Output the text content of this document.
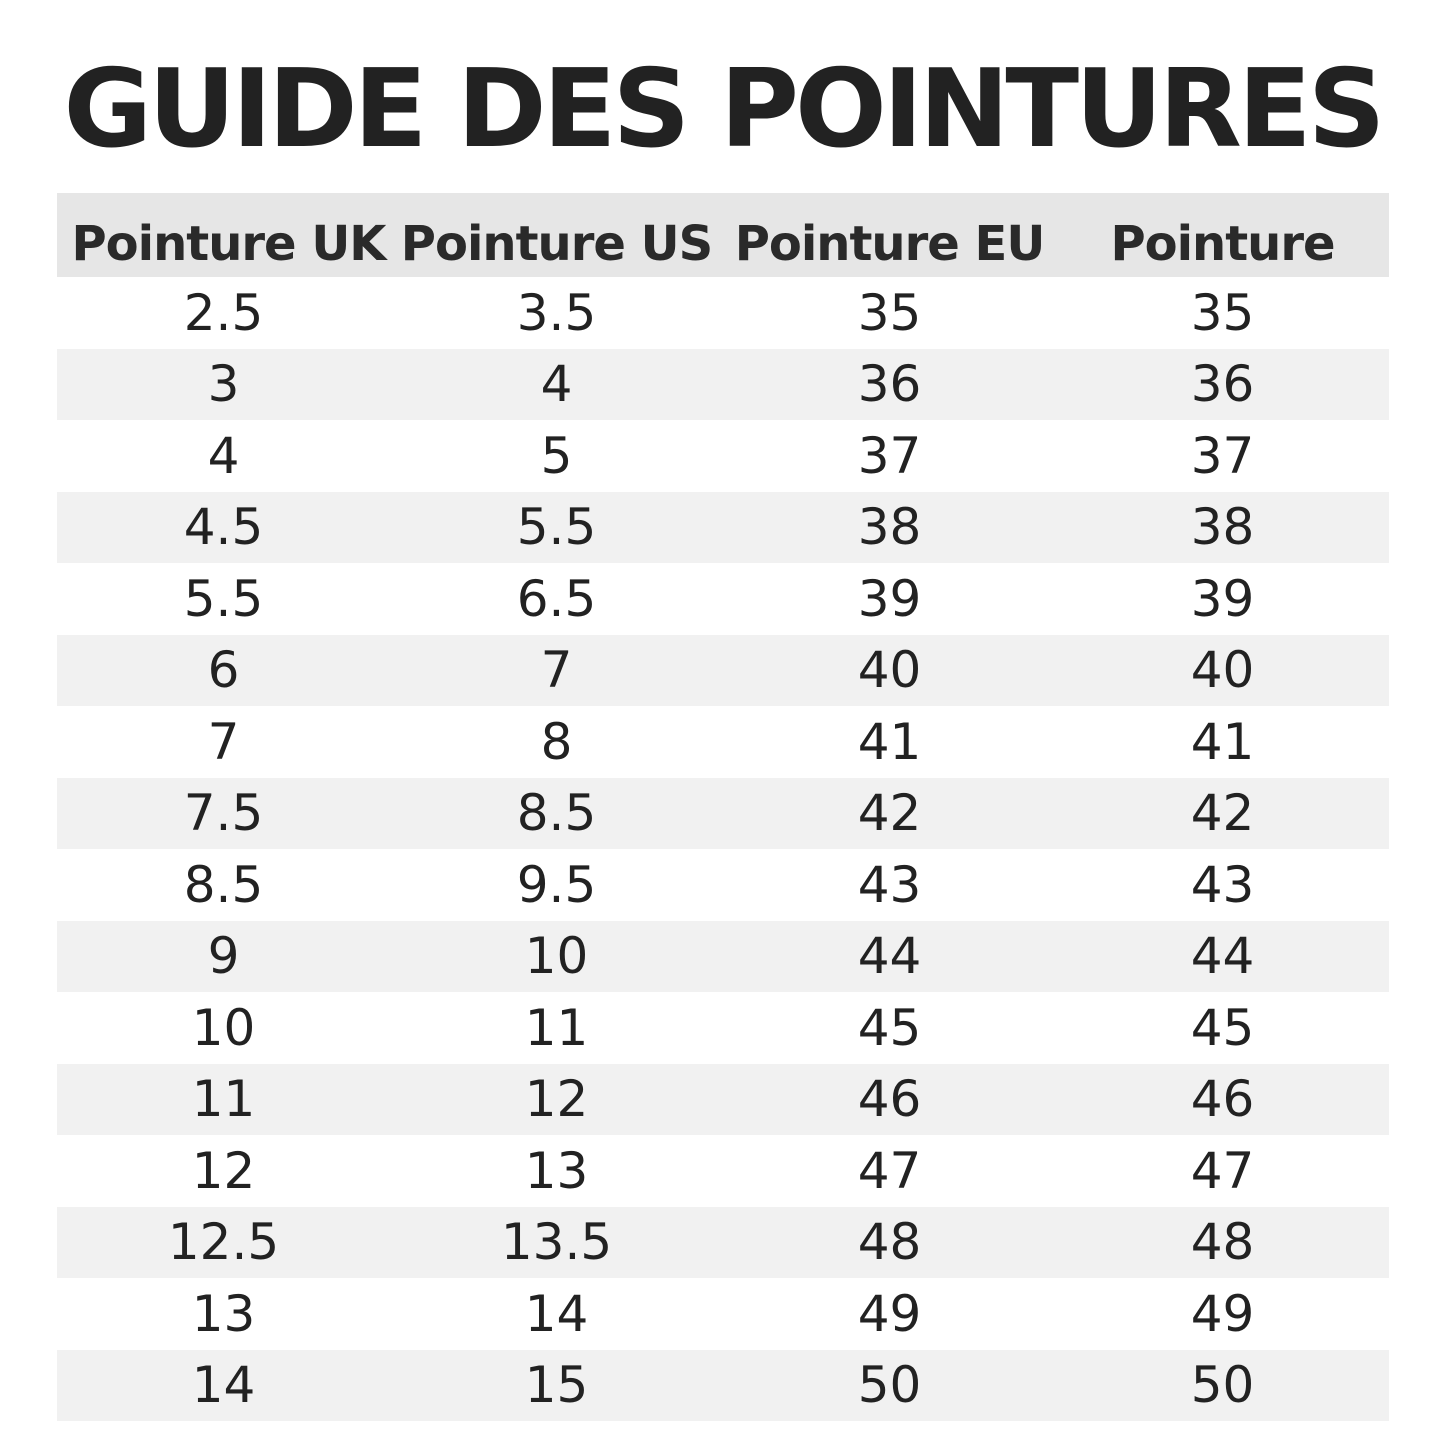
GUIDE DES POINTURES
Pointure UK	Pointure US	Pointure EU	Pointure
2.5	3.5	35	35
3	4	36	36
4	5	37	37
4.5	5.5	38	38
5.5	6.5	39	39
6	7	40	40
7	8	41	41
7.5	8.5	42	42
8.5	9.5	43	43
9	10	44	44
10	11	45	45
11	12	46	46
12	13	47	47
12.5	13.5	48	48
13	14	49	49
14	15	50	50
